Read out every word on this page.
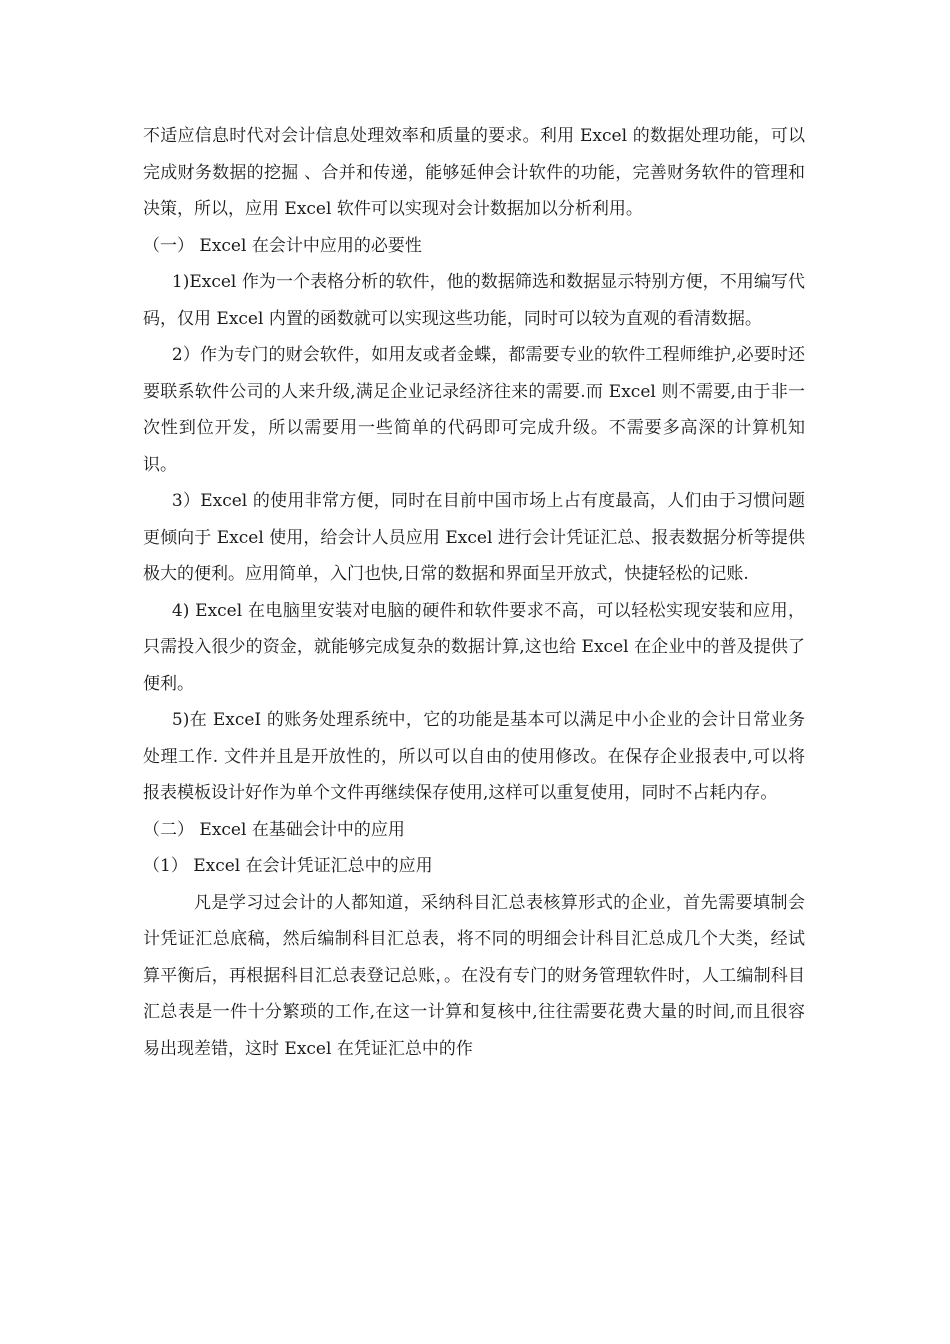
不适应信息时代对会计信息处理效率和质量的要求。利用 Excel 的数据处理功能，可以完成财务数据的挖掘 、合并和传递，能够延伸会计软件的功能，完善财务软件的管理和决策，所以，应用 Excel 软件可以实现对会计数据加以分析利用。

（一） Excel 在会计中应用的必要性

1)Excel 作为一个表格分析的软件，他的数据筛选和数据显示特别方便，不用编写代码，仅用 Excel 内置的函数就可以实现这些功能，同时可以较为直观的看清数据。

2）作为专门的财会软件，如用友或者金蝶，都需要专业的软件工程师维护,必要时还要联系软件公司的人来升级,满足企业记录经济往来的需要.而 Excel 则不需要,由于非一次性到位开发，所以需要用一些简单的代码即可完成升级。不需要多高深的计算机知识。

3）Excel 的使用非常方便，同时在目前中国市场上占有度最高，人们由于习惯问题更倾向于 Excel 使用，给会计人员应用 Excel 进行会计凭证汇总、报表数据分析等提供极大的便利。应用简单，入门也快,日常的数据和界面呈开放式，快捷轻松的记账.

4) Excel 在电脑里安装对电脑的硬件和软件要求不高，可以轻松实现安装和应用，只需投入很少的资金，就能够完成复杂的数据计算,这也给 Excel 在企业中的普及提供了便利。

5)在 ExceI 的账务处理系统中，它的功能是基本可以满足中小企业的会计日常业务处理工作. 文件并且是开放性的，所以可以自由的使用修改。在保存企业报表中,可以将报表模板设计好作为单个文件再继续保存使用,这样可以重复使用，同时不占耗内存。

（二） Excel 在基础会计中的应用

（1） Excel 在会计凭证汇总中的应用

凡是学习过会计的人都知道，采纳科目汇总表核算形式的企业，首先需要填制会计凭证汇总底稿，然后编制科目汇总表，将不同的明细会计科目汇总成几个大类，经试算平衡后，再根据科目汇总表登记总账，。在没有专门的财务管理软件时，人工编制科目汇总表是一件十分繁琐的工作,在这一计算和复核中,往往需要花费大量的时间,而且很容易出现差错，这时 Excel 在凭证汇总中的作
